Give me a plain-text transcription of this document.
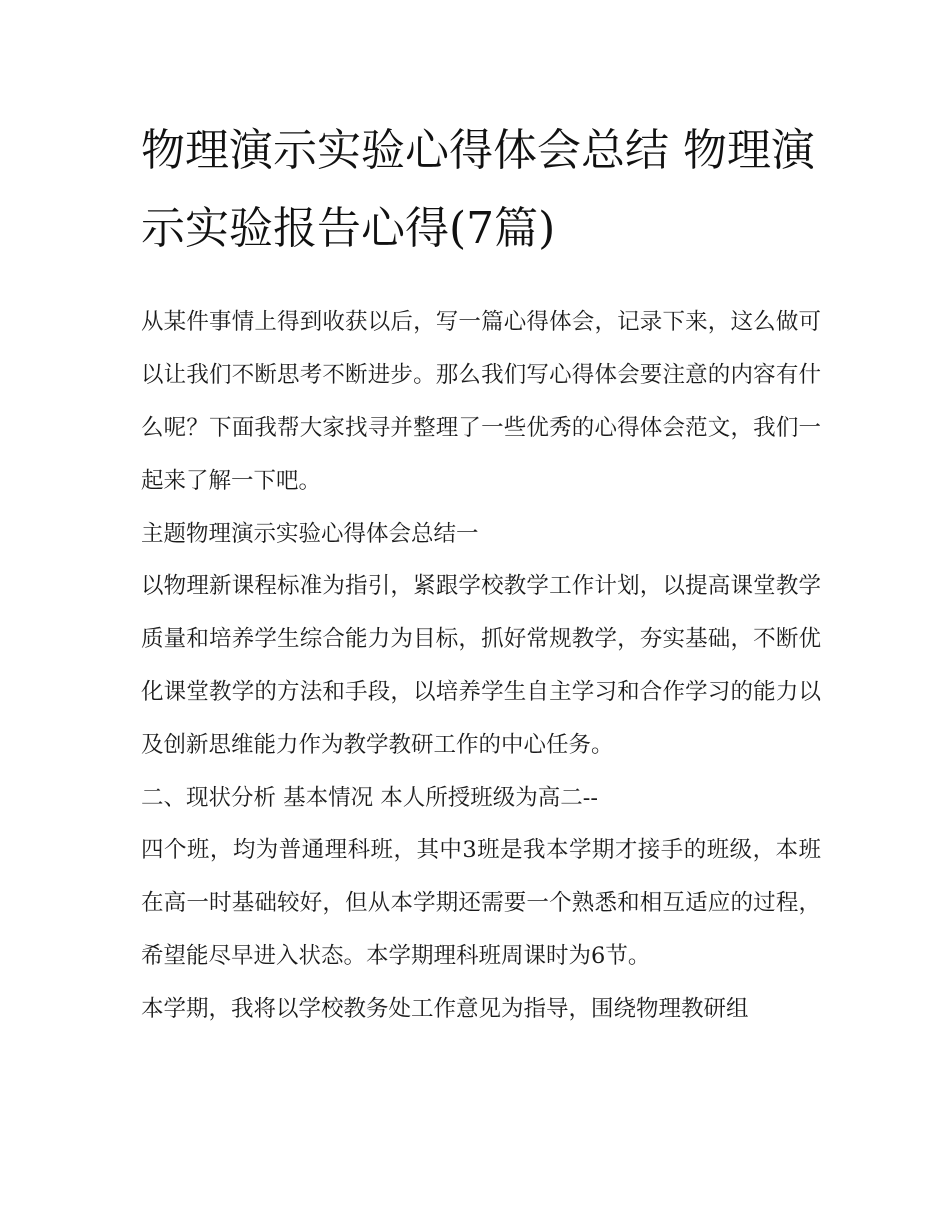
物理演示实验心得体会总结 物理演示实验报告心得(7篇)

从某件事情上得到收获以后，写一篇心得体会，记录下来，这么做可以让我们不断思考不断进步。那么我们写心得体会要注意的内容有什么呢？下面我帮大家找寻并整理了一些优秀的心得体会范文，我们一起来了解一下吧。

主题物理演示实验心得体会总结一

以物理新课程标准为指引，紧跟学校教学工作计划，以提高课堂教学质量和培养学生综合能力为目标，抓好常规教学，夯实基础，不断优化课堂教学的方法和手段，以培养学生自主学习和合作学习的能力以及创新思维能力作为教学教研工作的中心任务。

二、现状分析 基本情况 本人所授班级为高二--

四个班，均为普通理科班，其中3班是我本学期才接手的班级，本班在高一时基础较好，但从本学期还需要一个熟悉和相互适应的过程，希望能尽早进入状态。本学期理科班周课时为6节。

本学期，我将以学校教务处工作意见为指导，围绕物理教研组
